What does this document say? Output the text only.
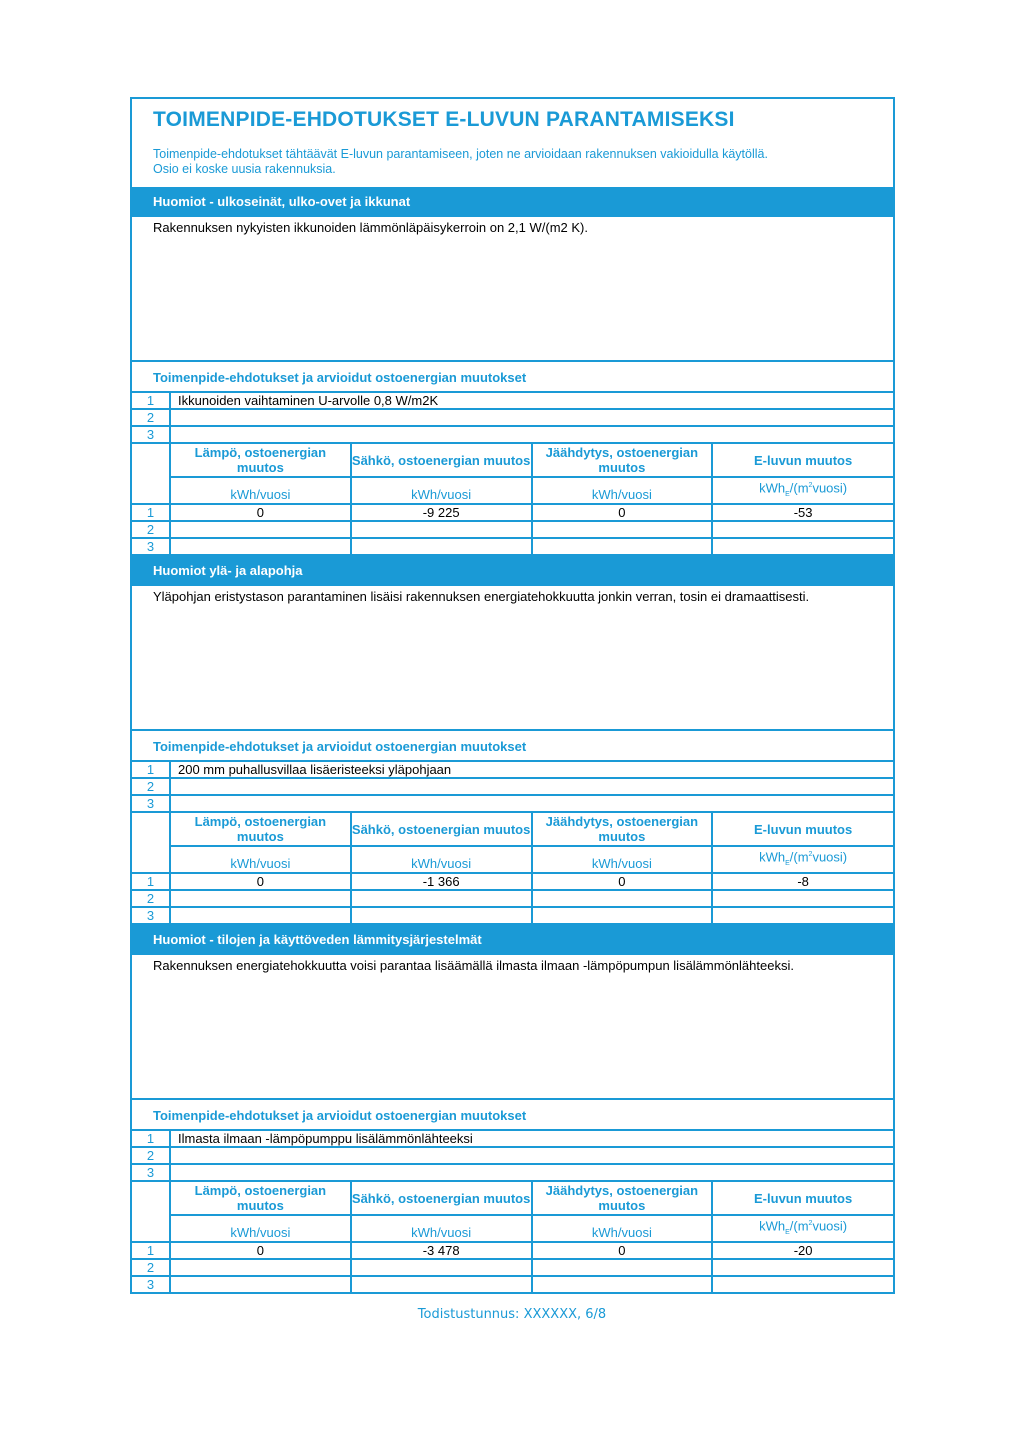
TOIMENPIDE-EHDOTUKSET E-LUVUN PARANTAMISEKSI
Toimenpide-ehdotukset tähtäävät E-luvun parantamiseen, joten ne arvioidaan rakennuksen vakioidulla käytöllä.
Osio ei koske uusia rakennuksia.
Huomiot - ulkoseinät, ulko-ovet ja ikkunat
Rakennuksen nykyisten ikkunoiden lämmönläpäisykerroin on 2,1 W/(m2 K).
Toimenpide-ehdotukset ja arvioidut ostoenergian muutokset
1	Ikkunoiden vaihtaminen U-arvolle 0,8 W/m2K			
2				
3				
	Lämpö, ostoenergian muutos	Sähkö, ostoenergian muutos	Jäähdytys, ostoenergian muutos	E-luvun muutos
	kWh/vuosi	kWh/vuosi	kWh/vuosi	$kWh_E/(m^2vuosi)$
1	0	-9 225	0	-53
2				
3				
Huomiot ylä- ja alapohja
Yläpohjan eristystason parantaminen lisäisi rakennuksen energiatehokkuutta jonkin verran, tosin ei dramaattisesti.
Toimenpide-ehdotukset ja arvioidut ostoenergian muutokset
1	200 mm puhallusvillaa lisäeristeeksi yläpohjaan			
2				
3				
	Lämpö, ostoenergian muutos	Sähkö, ostoenergian muutos	Jäähdytys, ostoenergian muutos	E-luvun muutos
	kWh/vuosi	kWh/vuosi	kWh/vuosi	$kWh_E/(m^2vuosi)$
1	0	-1 366	0	-8
2				
3				
Huomiot - tilojen ja käyttöveden lämmitysjärjestelmät
Rakennuksen energiatehokkuutta voisi parantaa lisäämällä ilmasta ilmaan -lämpöpumpun lisälämmönlähteeksi.
Toimenpide-ehdotukset ja arvioidut ostoenergian muutokset
1	Ilmasta ilmaan -lämpöpumppu lisälämmönlähteeksi			
2				
3				
	Lämpö, ostoenergian muutos	Sähkö, ostoenergian muutos	Jäähdytys, ostoenergian muutos	E-luvun muutos
	kWh/vuosi	kWh/vuosi	kWh/vuosi	$kWh_E/(m^2vuosi)$
1	0	-3 478	0	-20
2				
3				
Todistustunnus: XXXXXX, 6/8
